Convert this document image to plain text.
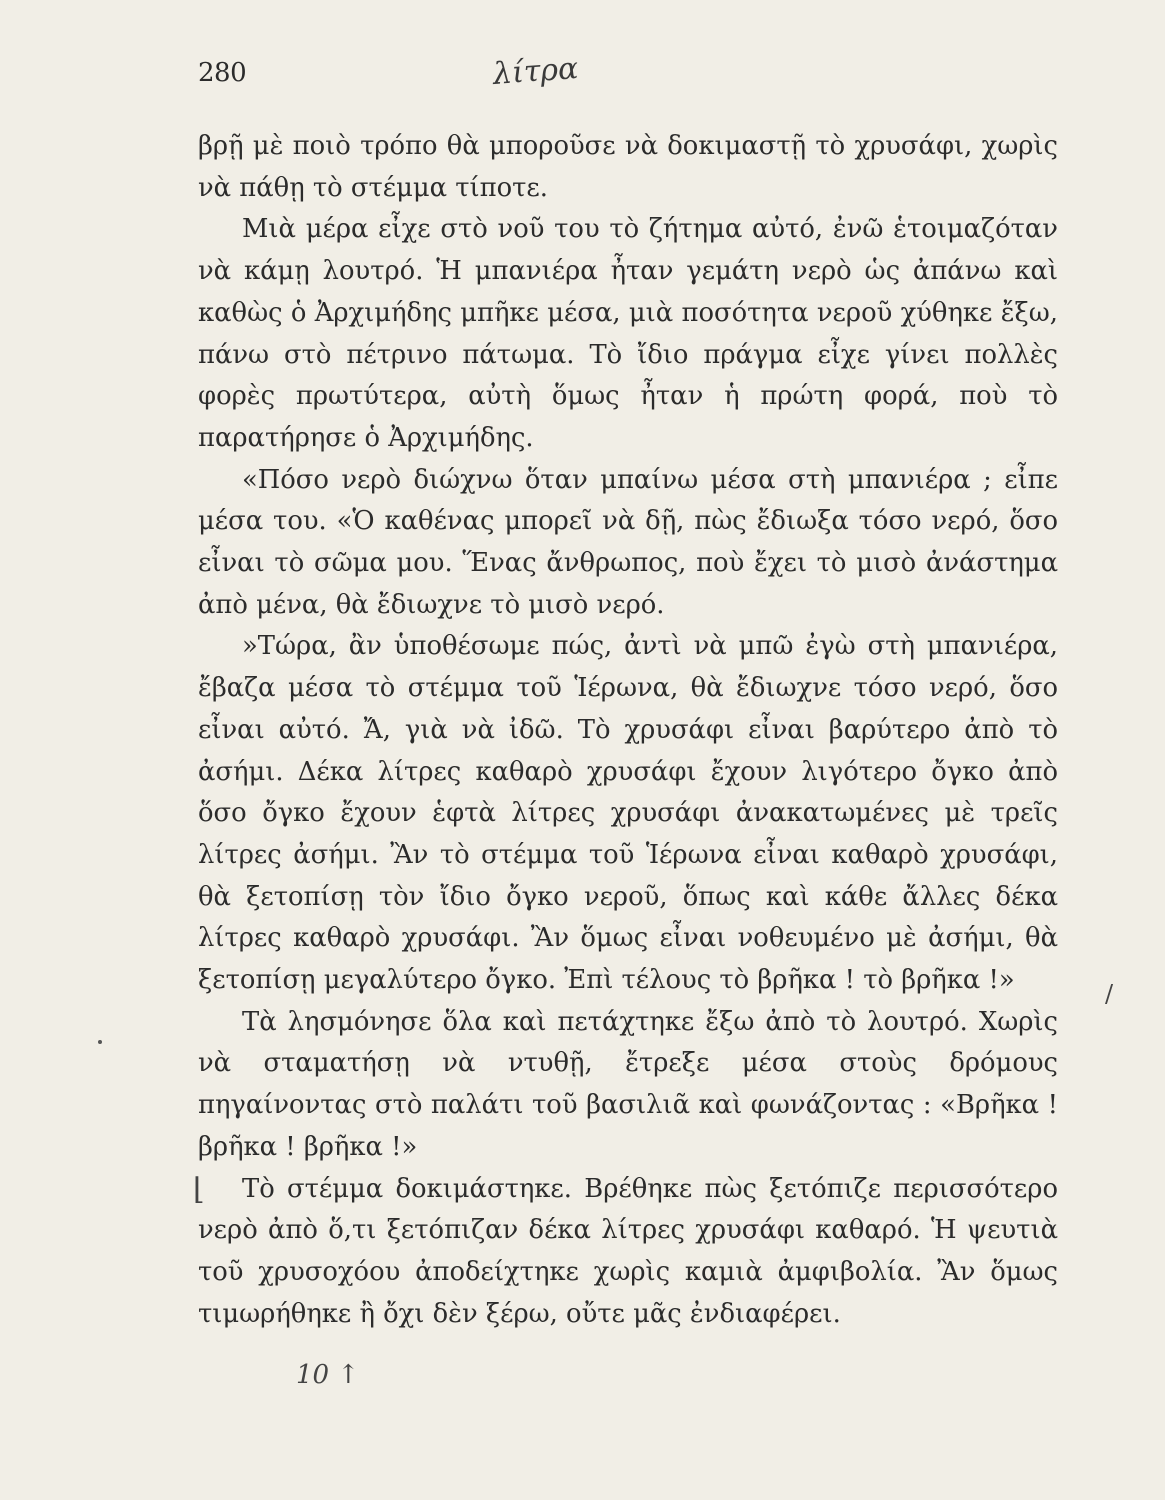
280	λίτρα

βρῇ μὲ ποιὸ τρόπο θὰ μποροῦσε νὰ δοκιμαστῇ τὸ χρυσάφι, χωρὶς νὰ πάθῃ τὸ στέμμα τίποτε.

Μιὰ μέρα εἶχε στὸ νοῦ του τὸ ζήτημα αὐτό, ἐνῶ ἑτοιμαζόταν νὰ κάμῃ λουτρό. Ἡ μπανιέρα ἦταν γεμάτη νερὸ ὡς ἀπάνω καὶ καθὼς ὁ Ἀρχιμήδης μπῆκε μέσα, μιὰ ποσότητα νεροῦ χύθηκε ἔξω, πάνω στὸ πέτρινο πάτωμα. Τὸ ἴδιο πράγμα εἶχε γίνει πολλὲς φορὲς πρωτύτερα, αὐτὴ ὅμως ἦταν ἡ πρώτη φορά, ποὺ τὸ παρατήρησε ὁ Ἀρχιμήδης.

«Πόσο νερὸ διώχνω ὅταν μπαίνω μέσα στὴ μπανιέρα ; εἶπε μέσα του. «Ὁ καθένας μπορεῖ νὰ δῇ, πὼς ἔδιωξα τόσο νερό, ὅσο εἶναι τὸ σῶμα μου. Ἕνας ἄνθρωπος, ποὺ ἔχει τὸ μισὸ ἀνάστημα ἀπὸ μένα, θὰ ἔδιωχνε τὸ μισὸ νερό.

»Τώρα, ἂν ὑποθέσωμε πώς, ἀντὶ νὰ μπῶ ἐγὼ στὴ μπανιέρα, ἔβαζα μέσα τὸ στέμμα τοῦ Ἱέρωνα, θὰ ἔδιωχνε τόσο νερό, ὅσο εἶναι αὐτό. Ἄ, γιὰ νὰ ἰδῶ. Τὸ χρυσάφι εἶναι βαρύτερο ἀπὸ τὸ ἀσήμι. Δέκα λίτρες καθαρὸ χρυσάφι ἔχουν λιγότερο ὄγκο ἀπὸ ὅσο ὄγκο ἔχουν ἑφτὰ λίτρες χρυσάφι ἀνακατωμένες μὲ τρεῖς λίτρες ἀσήμι. Ἂν τὸ στέμμα τοῦ Ἱέρωνα εἶναι καθαρὸ χρυσάφι, θὰ ξετοπίσῃ τὸν ἴδιο ὄγκο νεροῦ, ὅπως καὶ κάθε ἄλλες δέκα λίτρες καθαρὸ χρυσάφι. Ἂν ὅμως εἶναι νοθευμένο μὲ ἀσήμι, θὰ ξετοπίσῃ μεγαλύτερο ὄγκο. Ἐπὶ τέλους τὸ βρῆκα ! τὸ βρῆκα !»

Τὰ λησμόνησε ὅλα καὶ πετάχτηκε ἔξω ἀπὸ τὸ λουτρό. Χωρὶς νὰ σταματήσῃ νὰ ντυθῇ, ἔτρεξε μέσα στοὺς δρόμους πηγαίνοντας στὸ παλάτι τοῦ βασιλιᾶ καὶ φωνάζοντας : «Βρῆκα ! βρῆκα ! βρῆκα !»

Τὸ στέμμα δοκιμάστηκε. Βρέθηκε πὼς ξετόπιζε περισσότερο νερὸ ἀπὸ ὅ,τι ξετόπιζαν δέκα λίτρες χρυσάφι καθαρό. Ἡ ψευτιὰ τοῦ χρυσοχόου ἀποδείχτηκε χωρὶς καμιὰ ἀμφιβολία. Ἂν ὅμως τιμωρήθηκε ἢ ὄχι δὲν ξέρω, οὔτε μᾶς ἐνδιαφέρει.

/
⌊
10 ↑
